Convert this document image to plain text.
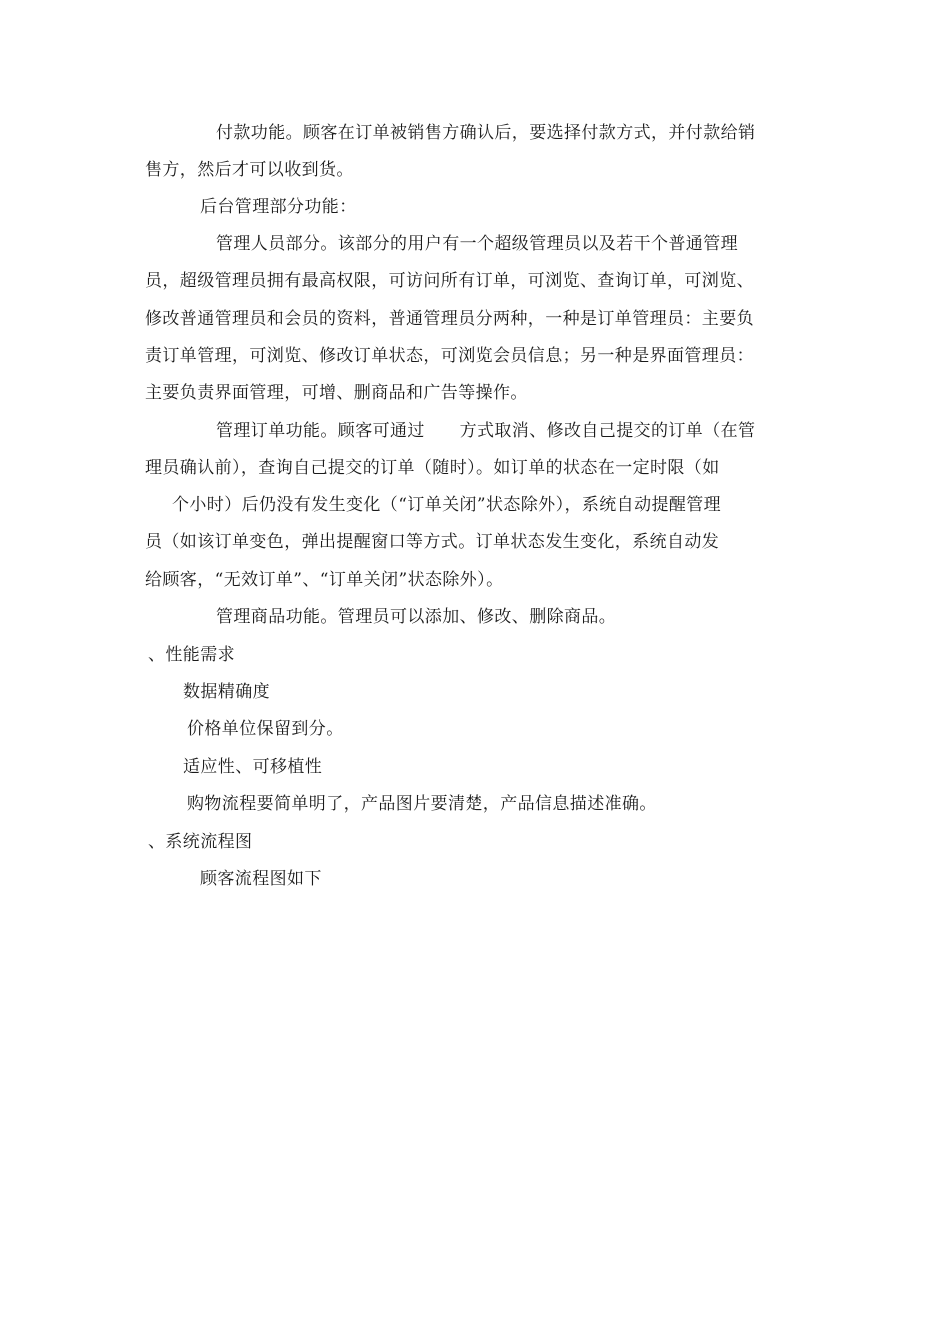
付款功能。顾客在订单被销售方确认后，要选择付款方式，并付款给销
售方，然后才可以收到货。
后台管理部分功能：
管理人员部分。该部分的用户有一个超级管理员以及若干个普通管理
员，超级管理员拥有最高权限，可访问所有订单，可浏览、查询订单，可浏览、
修改普通管理员和会员的资料，普通管理员分两种，一种是订单管理员：主要负
责订单管理，可浏览、修改订单状态，可浏览会员信息；另一种是界面管理员：
主要负责界面管理，可增、删商品和广告等操作。
管理订单功能。顾客可通过　　方式取消、修改自己提交的订单（在管
理员确认前），查询自己提交的订单（随时）。如订单的状态在一定时限（如
个小时）后仍没有发生变化（“订单关闭”状态除外），系统自动提醒管理
员（如该订单变色，弹出提醒窗口等方式。订单状态发生变化，系统自动发
给顾客，“无效订单”、“订单关闭”状态除外）。
管理商品功能。管理员可以添加、修改、删除商品。
、性能需求
数据精确度
价格单位保留到分。
适应性、可移植性
购物流程要简单明了，产品图片要清楚，产品信息描述准确。
、系统流程图
顾客流程图如下
